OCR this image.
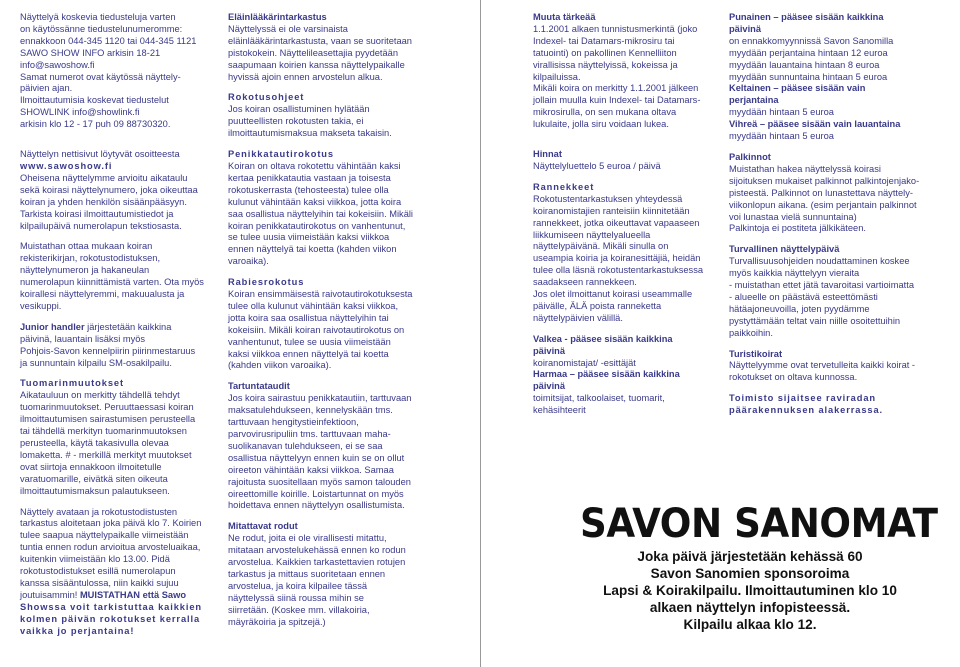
Näyttelyä koskevia tiedusteluja varten
on käytössänne tiedustelunumeromme:
ennakkoon 044-345 1120 tai 044-345 1121
SAWO SHOW INFO arkisin 18-21
info@sawoshow.fi
Samat numerot ovat käytössä näyttely-
päivien ajan.
Ilmoittautumisia koskevat tiedustelut
SHOWLINK info@showlink.fi
arkisin klo 12 - 17 puh 09 88730320.
Näyttelyn nettisivut löytyvät osoitteesta
www.sawoshow.fi
Oheisena näyttelymme arvioitu aikataulu
sekä koirasi näyttelynumero, joka oikeuttaa
koiran ja yhden henkilön sisäänpääsyyn.
Tarkista koirasi ilmoittautumistiedot ja
kilpailupäivä numerolapun tekstiosasta.
Muistathan ottaa mukaan koiran
rekisterikirjan, rokotustodistuksen,
näyttelynumeron ja hakaneulan
numerolapun kiinnittämistä varten. Ota myös
koirallesi näyttelyremmi, makuualusta ja
vesikuppi.
Junior handler järjestetään kaikkina
päivinä, lauantain lisäksi myös
Pohjois-Savon kennelpiirin piirinmestaruus
ja sunnuntain kilpailu SM-osakilpailu.
Tuomarinmuutokset
Aikatauluun on merkitty tähdellä tehdyt
tuomarinmuutokset. Peruuttaessasi koiran
ilmoittautumisen sairastumisen perusteella
tai tähdellä merkityn tuomarinmuutoksen
perusteella, käytä takasivulla olevaa
lomaketta. # - merkillä merkityt muutokset
ovat siirtoja ennakkoon ilmoitetulle
varatuomarille, eivätkä siten oikeuta
ilmoittautumismaksun palautukseen.
Näyttely avataan ja rokotustodistusten
tarkastus aloitetaan joka päivä klo 7. Koirien
tulee saapua näyttelypaikalle viimeistään
tuntia ennen rodun arvioitua arvosteluaikaa,
kuitenkin viimeistään klo 13.00. Pidä
rokotustodistukset esillä numerolapun
kanssa sisääntulossa, niin kaikki sujuu
joutuisammin! MUISTATHAN että Sawo
Showssa voit tarkistuttaa kaikkien
kolmen päivän rokotukset kerralla
vaikka jo perjantaina!
Eläinlääkärintarkastus
Näyttelyssä ei ole varsinaista
eläinlääkärintarkastusta, vaan se suoritetaan
pistokokein. Näyttelileasettajia pyydetään
saapumaan koirien kanssa näyttelypaikalle
hyvissä ajoin ennen arvostelun alkua.
Rokotusohjeet
Jos koiran osallistuminen hylätään
puutteellisten rokotusten takia, ei
ilmoittautumismaksua makseta takaisin.
Penikkatautirokotus
Koiran on oltava rokotettu vähintään kaksi
kertaa penikkatautia vastaan ja toisesta
rokotuskerrasta (tehosteesta) tulee olla
kulunut vähintään kaksi viikkoa, jotta koira
saa osallistua näyttelyihin tai kokeisiin. Mikäli
koiran penikkatautirokotus on vanhentunut,
se tulee uusia viimeistään kaksi viikkoa
ennen näyttelyä tai koetta (kahden viikon
varoaika).
Rabiesrokotus
Koiran ensimmäisestä raivotautirokotuksesta
tulee olla kulunut vähintään kaksi viikkoa,
jotta koira saa osallistua näyttelyihin tai
kokeisiin. Mikäli koiran raivotautirokotus on
vanhentunut, tulee se uusia viimeistään
kaksi viikkoa ennen näyttelyä tai koetta
(kahden viikon varoaika).
Tartuntataudit
Jos koira sairastuu penikkatautiin, tarttuvaan
maksatulehdukseen, kennelyskään tms.
tarttuvaan hengitystieinfektioon,
parvovirusripuliin tms. tarttuvaan maha-
suolikanavan tulehdukseen, ei se saa
osallistua näyttelyyn ennen kuin se on ollut
oireeton vähintään kaksi viikkoa. Samaa
rajoitusta suositellaan myös samon talouden
oireettomille koirille. Loistartunnat on myös
hoidettava ennen näyttelyyn osallistumista.
Mitattavat rodut
Ne rodut, joita ei ole virallisesti mitattu,
mitataan arvostelukehässä ennen ko rodun
arvostelua. Kaikkien tarkastettavien rotujen
tarkastus ja mittaus suoritetaan ennen
arvostelua, ja koira kilpailee tässä
näyttelyssä siinä roussa mihin se
siirretään. (Koskee mm. villakoiria,
mäyräkoiria ja spitzejä.)
Muuta tärkeää
1.1.2001 alkaen tunnistusmerkintä (joko
Indexel- tai Datamars-mikrosiru tai
tatuointi) on pakollinen Kennelliiton
virallisissa näyttelyissä, kokeissa ja
kilpailuissa.
Mikäli koira on merkitty 1.1.2001 jälkeen
jollain muulla kuin Indexel- tai Datamars-
mikrosirulla, on sen mukana oltava
lukulaite, jolla siru voidaan lukea.
Hinnat
Näyttelyluettelo 5 euroa / päivä
Rannekkeet
Rokotustentarkastuksen yhteydessä
koiranomistajien ranteisiin kiinnitetään
rannekkeet, jotka oikeuttavat vapaaseen
liikkumiseen näyttelyalueella
näyttelypäivänä. Mikäli sinulla on
useampia koiria ja koiranesittäjiä, heidän
tulee olla läsnä rokotustentarkastuksessa
saadakseen rannekkeen.
Jos olet ilmoittanut koirasi useammalle
päivälle, ÄLÄ poista ranneketta
näyttelypäivien välillä.
Valkea - pääsee sisään kaikkina
päivinä
koiranomistajat/ -esittäjät
Harmaa – pääsee sisään kaikkina
päivinä
toimitsijat, talkoolaiset, tuomarit,
kehäsihteerit
Punainen – pääsee sisään kaikkina
päivinä
on ennakkomyynnissä Savon Sanomilla
myydään perjantaina hintaan 12 euroa
myydään lauantaina hintaan 8 euroa
myydään sunnuntaina hintaan 5 euroa
Keltainen – pääsee sisään vain
perjantaina
myydään hintaan 5 euroa
Vihreä – pääsee sisään vain lauantaina
myydään hintaan 5 euroa
Palkinnot
Muistathan hakea näyttelyssä koirasi
sijoituksen mukaiset palkinnot palkintojenjako-
pisteestä. Palkinnot on lunastettava näyttely-
viikonlopun aikana. (esim perjantain palkinnot
voi lunastaa vielä sunnuntaina)
Palkintoja ei postiteta jälkikäteen.
Turvallinen näyttelypäivä
Turvallisuusohjeiden noudattaminen koskee
myös kaikkia näyttelyyn vieraita
- muistathan ettet jätä tavaroitasi vartioimatta
- alueelle on päästävä esteettömästi
hätäajoneuvoilla, joten pyydämme
pystyttämään teltat vain niille osoitettuihin
paikkoihin.
Turistikoirat
Näyttelyymme ovat tervetulleita kaikki koirat -
rokotukset on oltava kunnossa.
Toimisto sijaitsee raviradan
päärakennuksen alakerrassa.
SAVON SANOMAT
Joka päivä järjestetään kehässä 60
Savon Sanomien sponsoroima
Lapsi & Koirakilpailu. Ilmoittautuminen klo 10
alkaen näyttelyn infopisteessä.
Kilpailu alkaa klo 12.
